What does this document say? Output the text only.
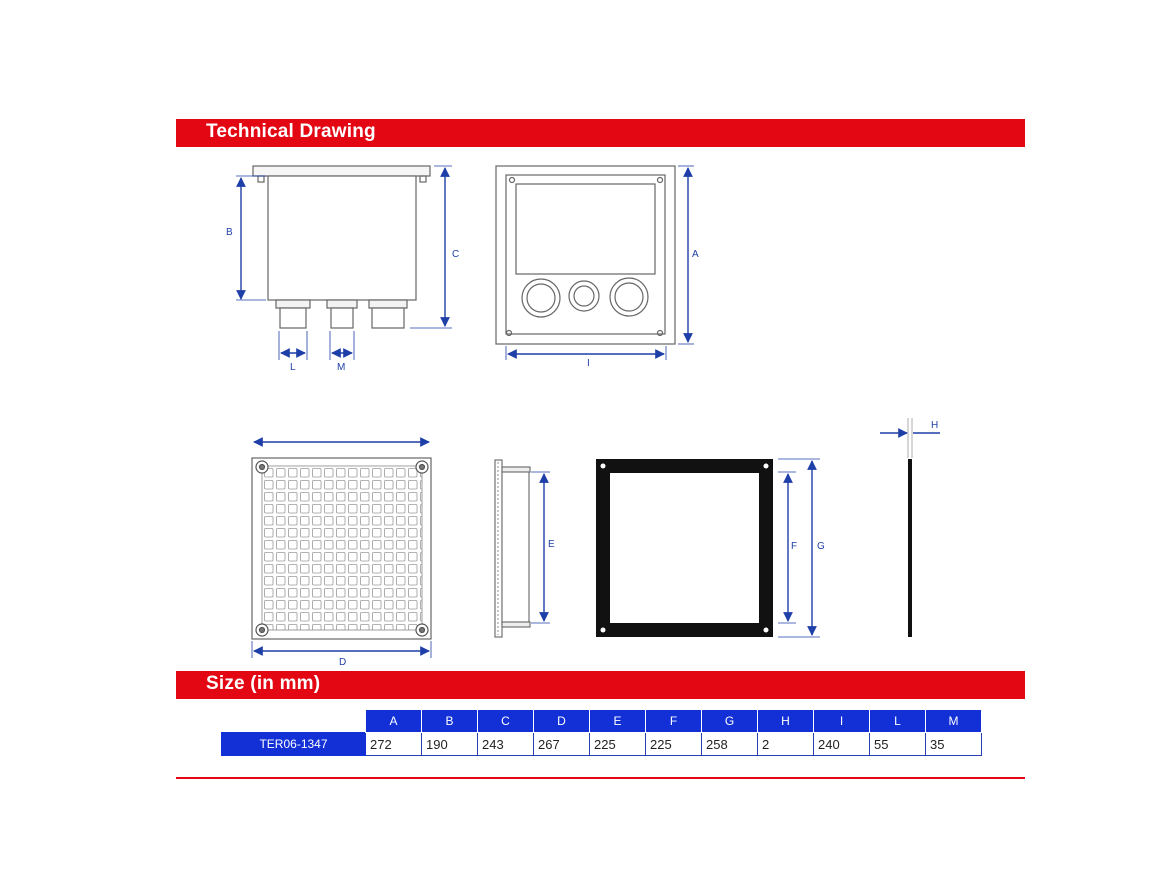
Technical Drawing
B
C
L	M
A
I
D
E	F G
H
Size (in mm)
	A	B	C	D	E	F	G	H	I	L	M
TER06-1347	272	190	243	267	225	225	258	2	240	55	35
